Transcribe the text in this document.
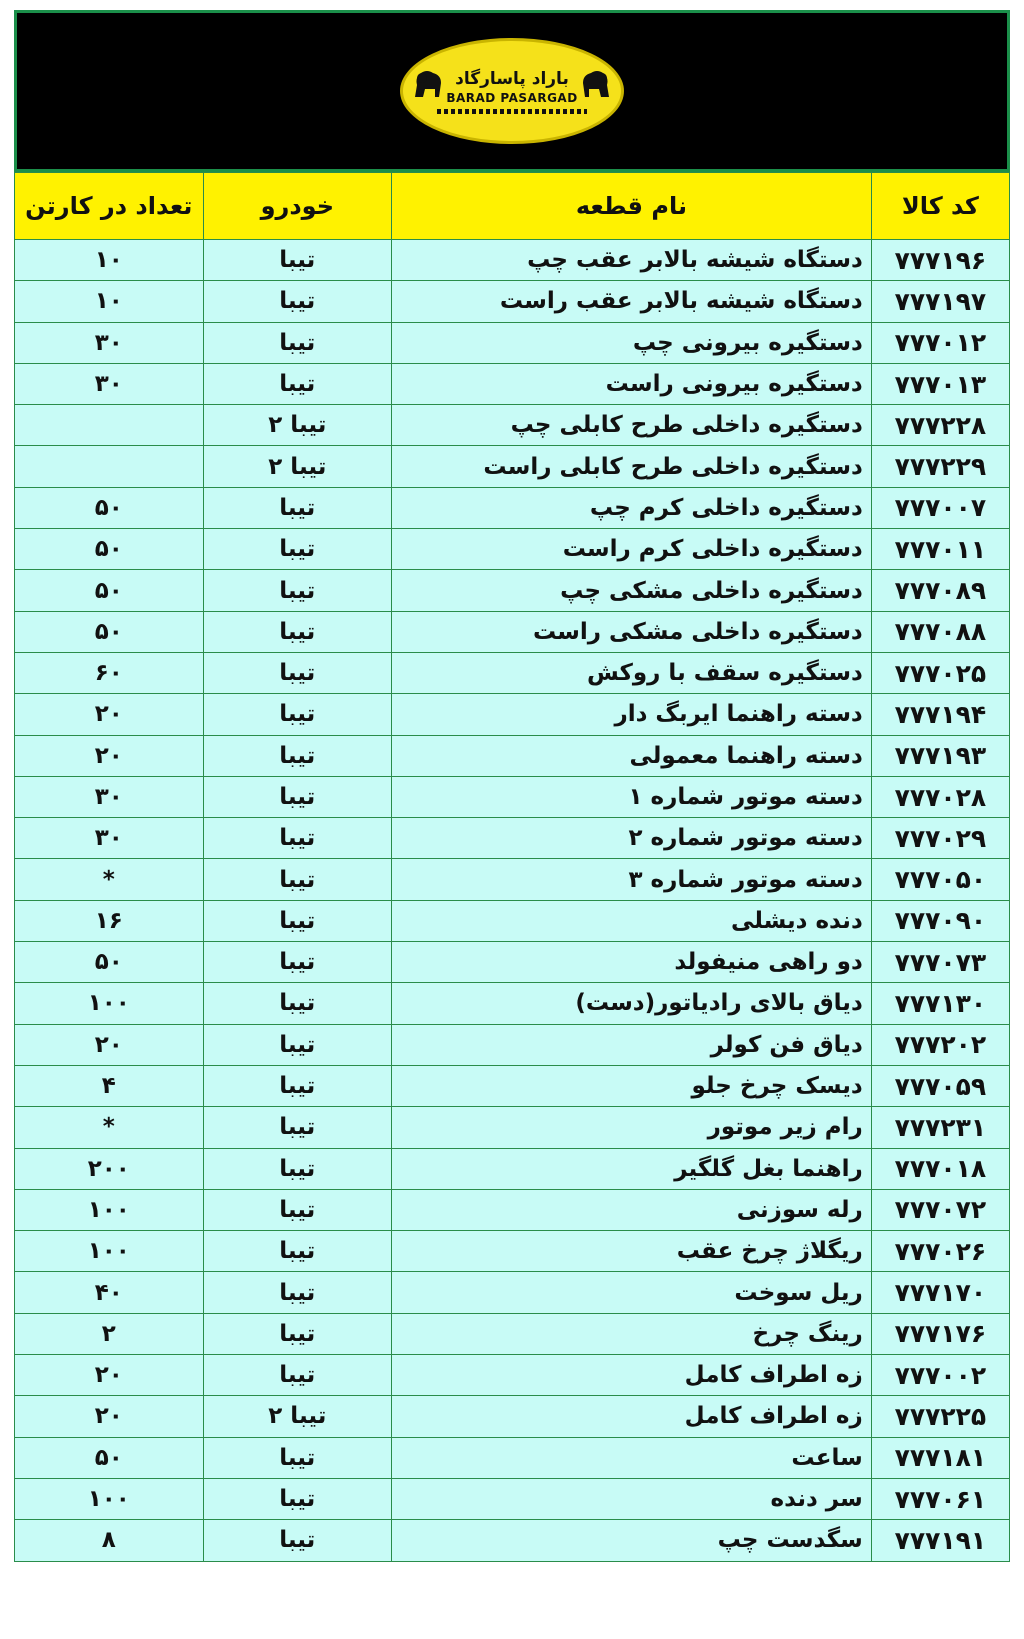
باراد پاسارگاد
BARAD PASARGAD
کد کالا	نام قطعه	خودرو	تعداد در کارتن
۷۷۷۱۹۶	دستگاه شیشه بالابر عقب چپ	تیبا	۱۰
۷۷۷۱۹۷	دستگاه شیشه بالابر عقب راست	تیبا	۱۰
۷۷۷۰۱۲	دستگیره بیرونی چپ	تیبا	۳۰
۷۷۷۰۱۳	دستگیره بیرونی راست	تیبا	۳۰
۷۷۷۲۲۸	دستگیره داخلی طرح کابلی چپ	تیبا ۲	
۷۷۷۲۲۹	دستگیره داخلی طرح کابلی راست	تیبا ۲	
۷۷۷۰۰۷	دستگیره داخلی کرم چپ	تیبا	۵۰
۷۷۷۰۱۱	دستگیره داخلی کرم راست	تیبا	۵۰
۷۷۷۰۸۹	دستگیره داخلی مشکی چپ	تیبا	۵۰
۷۷۷۰۸۸	دستگیره داخلی مشکی راست	تیبا	۵۰
۷۷۷۰۲۵	دستگیره سقف با روکش	تیبا	۶۰
۷۷۷۱۹۴	دسته راهنما ایربگ دار	تیبا	۲۰
۷۷۷۱۹۳	دسته راهنما معمولی	تیبا	۲۰
۷۷۷۰۲۸	دسته موتور شماره ۱	تیبا	۳۰
۷۷۷۰۲۹	دسته موتور شماره ۲	تیبا	۳۰
۷۷۷۰۵۰	دسته موتور شماره ۳	تیبا	*
۷۷۷۰۹۰	دنده دیشلی	تیبا	۱۶
۷۷۷۰۷۳	دو راهی منیفولد	تیبا	۵۰
۷۷۷۱۳۰	دیاق بالای رادیاتور(دست)	تیبا	۱۰۰
۷۷۷۲۰۲	دیاق فن کولر	تیبا	۲۰
۷۷۷۰۵۹	دیسک چرخ جلو	تیبا	۴
۷۷۷۲۳۱	رام زیر موتور	تیبا	*
۷۷۷۰۱۸	راهنما بغل گلگیر	تیبا	۲۰۰
۷۷۷۰۷۲	رله سوزنی	تیبا	۱۰۰
۷۷۷۰۲۶	ریگلاژ چرخ عقب	تیبا	۱۰۰
۷۷۷۱۷۰	ریل سوخت	تیبا	۴۰
۷۷۷۱۷۶	رینگ چرخ	تیبا	۲
۷۷۷۰۰۲	زه اطراف کامل	تیبا	۲۰
۷۷۷۲۲۵	زه اطراف کامل	تیبا ۲	۲۰
۷۷۷۱۸۱	ساعت	تیبا	۵۰
۷۷۷۰۶۱	سر دنده	تیبا	۱۰۰
۷۷۷۱۹۱	سگدست چپ	تیبا	۸
